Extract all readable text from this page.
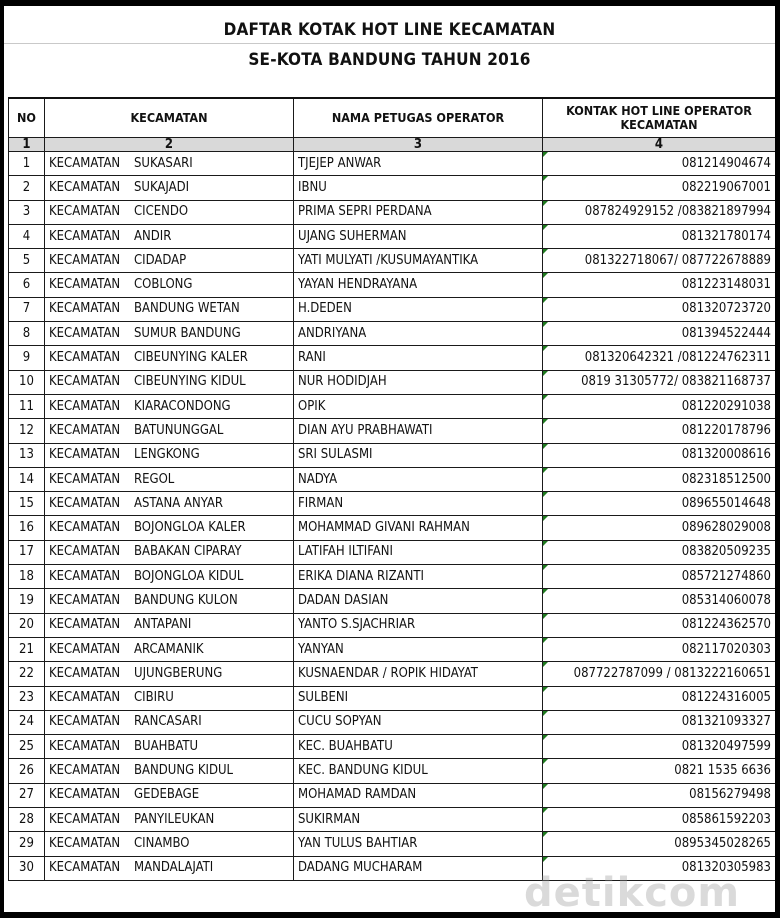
DAFTAR KOTAK HOT LINE KECAMATAN
SE-KOTA BANDUNG TAHUN 2016
NO	KECAMATAN	NAMA PETUGAS OPERATOR	KONTAK HOT LINE OPERATOR KECAMATAN
1	2	3	4
1	KECAMATAN SUKASARI	TJEJEP ANWAR	081214904674
2	KECAMATAN SUKAJADI	IBNU	082219067001
3	KECAMATAN CICENDO	PRIMA SEPRI PERDANA	087824929152 /083821897994
4	KECAMATAN ANDIR	UJANG SUHERMAN	081321780174
5	KECAMATAN CIDADAP	YATI MULYATI /KUSUMAYANTIKA	081322718067/ 087722678889
6	KECAMATAN COBLONG	YAYAN HENDRAYANA	081223148031
7	KECAMATAN BANDUNG WETAN	H.DEDEN	081320723720
8	KECAMATAN SUMUR BANDUNG	ANDRIYANA	081394522444
9	KECAMATAN CIBEUNYING KALER	RANI	081320642321 /081224762311
10	KECAMATAN CIBEUNYING KIDUL	NUR HODIDJAH	0819 31305772/ 083821168737
11	KECAMATAN KIARACONDONG	OPIK	081220291038
12	KECAMATAN BATUNUNGGAL	DIAN AYU PRABHAWATI	081220178796
13	KECAMATAN LENGKONG	SRI SULASMI	081320008616
14	KECAMATAN REGOL	NADYA	082318512500
15	KECAMATAN ASTANA ANYAR	FIRMAN	089655014648
16	KECAMATAN BOJONGLOA KALER	MOHAMMAD GIVANI RAHMAN	089628029008
17	KECAMATAN BABAKAN CIPARAY	LATIFAH ILTIFANI	083820509235
18	KECAMATAN BOJONGLOA KIDUL	ERIKA DIANA RIZANTI	085721274860
19	KECAMATAN BANDUNG KULON	DADAN DASIAN	085314060078
20	KECAMATAN ANTAPANI	YANTO S.SJACHRIAR	081224362570
21	KECAMATAN ARCAMANIK	YANYAN	082117020303
22	KECAMATAN UJUNGBERUNG	KUSNAENDAR / ROPIK HIDAYAT	087722787099 / 0813222160651
23	KECAMATAN CIBIRU	SULBENI	081224316005
24	KECAMATAN RANCASARI	CUCU SOPYAN	081321093327
25	KECAMATAN BUAHBATU	KEC. BUAHBATU	081320497599
26	KECAMATAN BANDUNG KIDUL	KEC. BANDUNG KIDUL	0821 1535 6636
27	KECAMATAN GEDEBAGE	MOHAMAD RAMDAN	08156279498
28	KECAMATAN PANYILEUKAN	SUKIRMAN	085861592203
29	KECAMATAN CINAMBO	YAN TULUS BAHTIAR	0895345028265
30	KECAMATAN MANDALAJATI	DADANG MUCHARAM	081320305983
detikcom
